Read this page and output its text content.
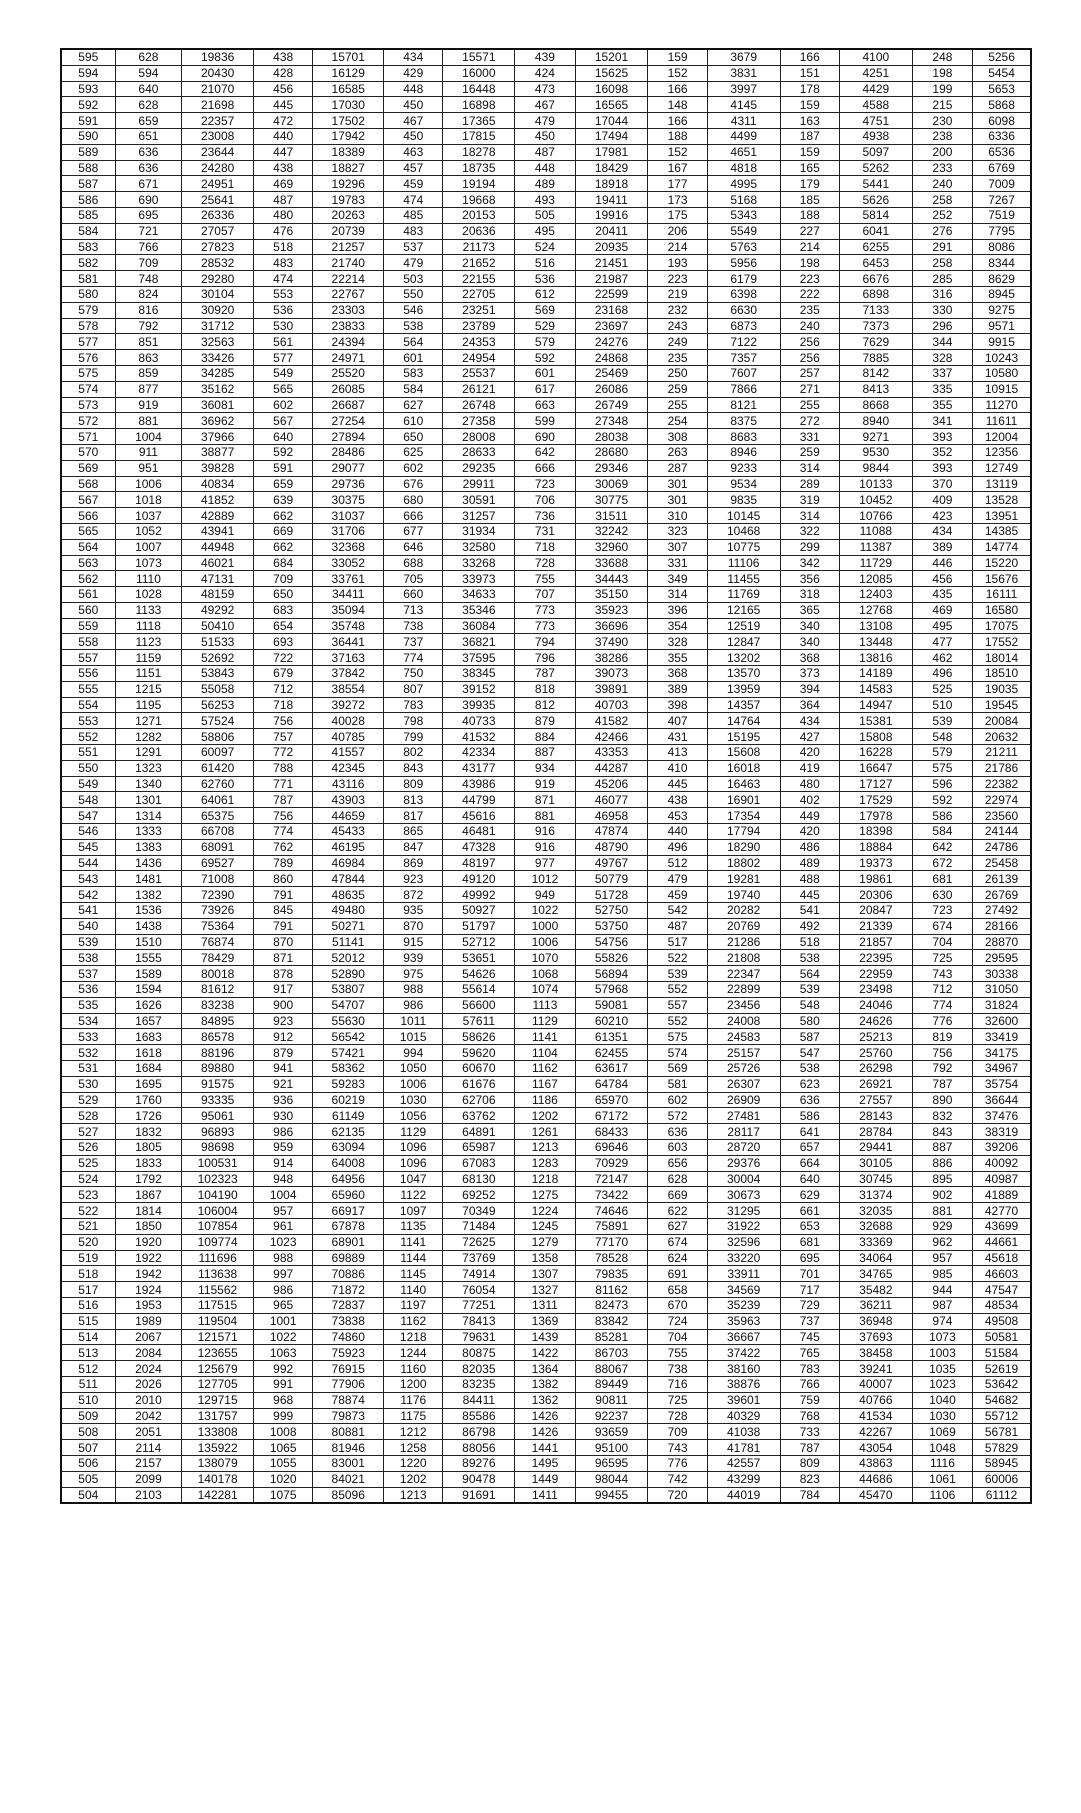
595	628	19836	438	15701	434	15571	439	15201	159	3679	166	4100	248	5256
594	594	20430	428	16129	429	16000	424	15625	152	3831	151	4251	198	5454
593	640	21070	456	16585	448	16448	473	16098	166	3997	178	4429	199	5653
592	628	21698	445	17030	450	16898	467	16565	148	4145	159	4588	215	5868
591	659	22357	472	17502	467	17365	479	17044	166	4311	163	4751	230	6098
590	651	23008	440	17942	450	17815	450	17494	188	4499	187	4938	238	6336
589	636	23644	447	18389	463	18278	487	17981	152	4651	159	5097	200	6536
588	636	24280	438	18827	457	18735	448	18429	167	4818	165	5262	233	6769
587	671	24951	469	19296	459	19194	489	18918	177	4995	179	5441	240	7009
586	690	25641	487	19783	474	19668	493	19411	173	5168	185	5626	258	7267
585	695	26336	480	20263	485	20153	505	19916	175	5343	188	5814	252	7519
584	721	27057	476	20739	483	20636	495	20411	206	5549	227	6041	276	7795
583	766	27823	518	21257	537	21173	524	20935	214	5763	214	6255	291	8086
582	709	28532	483	21740	479	21652	516	21451	193	5956	198	6453	258	8344
581	748	29280	474	22214	503	22155	536	21987	223	6179	223	6676	285	8629
580	824	30104	553	22767	550	22705	612	22599	219	6398	222	6898	316	8945
579	816	30920	536	23303	546	23251	569	23168	232	6630	235	7133	330	9275
578	792	31712	530	23833	538	23789	529	23697	243	6873	240	7373	296	9571
577	851	32563	561	24394	564	24353	579	24276	249	7122	256	7629	344	9915
576	863	33426	577	24971	601	24954	592	24868	235	7357	256	7885	328	10243
575	859	34285	549	25520	583	25537	601	25469	250	7607	257	8142	337	10580
574	877	35162	565	26085	584	26121	617	26086	259	7866	271	8413	335	10915
573	919	36081	602	26687	627	26748	663	26749	255	8121	255	8668	355	11270
572	881	36962	567	27254	610	27358	599	27348	254	8375	272	8940	341	11611
571	1004	37966	640	27894	650	28008	690	28038	308	8683	331	9271	393	12004
570	911	38877	592	28486	625	28633	642	28680	263	8946	259	9530	352	12356
569	951	39828	591	29077	602	29235	666	29346	287	9233	314	9844	393	12749
568	1006	40834	659	29736	676	29911	723	30069	301	9534	289	10133	370	13119
567	1018	41852	639	30375	680	30591	706	30775	301	9835	319	10452	409	13528
566	1037	42889	662	31037	666	31257	736	31511	310	10145	314	10766	423	13951
565	1052	43941	669	31706	677	31934	731	32242	323	10468	322	11088	434	14385
564	1007	44948	662	32368	646	32580	718	32960	307	10775	299	11387	389	14774
563	1073	46021	684	33052	688	33268	728	33688	331	11106	342	11729	446	15220
562	1110	47131	709	33761	705	33973	755	34443	349	11455	356	12085	456	15676
561	1028	48159	650	34411	660	34633	707	35150	314	11769	318	12403	435	16111
560	1133	49292	683	35094	713	35346	773	35923	396	12165	365	12768	469	16580
559	1118	50410	654	35748	738	36084	773	36696	354	12519	340	13108	495	17075
558	1123	51533	693	36441	737	36821	794	37490	328	12847	340	13448	477	17552
557	1159	52692	722	37163	774	37595	796	38286	355	13202	368	13816	462	18014
556	1151	53843	679	37842	750	38345	787	39073	368	13570	373	14189	496	18510
555	1215	55058	712	38554	807	39152	818	39891	389	13959	394	14583	525	19035
554	1195	56253	718	39272	783	39935	812	40703	398	14357	364	14947	510	19545
553	1271	57524	756	40028	798	40733	879	41582	407	14764	434	15381	539	20084
552	1282	58806	757	40785	799	41532	884	42466	431	15195	427	15808	548	20632
551	1291	60097	772	41557	802	42334	887	43353	413	15608	420	16228	579	21211
550	1323	61420	788	42345	843	43177	934	44287	410	16018	419	16647	575	21786
549	1340	62760	771	43116	809	43986	919	45206	445	16463	480	17127	596	22382
548	1301	64061	787	43903	813	44799	871	46077	438	16901	402	17529	592	22974
547	1314	65375	756	44659	817	45616	881	46958	453	17354	449	17978	586	23560
546	1333	66708	774	45433	865	46481	916	47874	440	17794	420	18398	584	24144
545	1383	68091	762	46195	847	47328	916	48790	496	18290	486	18884	642	24786
544	1436	69527	789	46984	869	48197	977	49767	512	18802	489	19373	672	25458
543	1481	71008	860	47844	923	49120	1012	50779	479	19281	488	19861	681	26139
542	1382	72390	791	48635	872	49992	949	51728	459	19740	445	20306	630	26769
541	1536	73926	845	49480	935	50927	1022	52750	542	20282	541	20847	723	27492
540	1438	75364	791	50271	870	51797	1000	53750	487	20769	492	21339	674	28166
539	1510	76874	870	51141	915	52712	1006	54756	517	21286	518	21857	704	28870
538	1555	78429	871	52012	939	53651	1070	55826	522	21808	538	22395	725	29595
537	1589	80018	878	52890	975	54626	1068	56894	539	22347	564	22959	743	30338
536	1594	81612	917	53807	988	55614	1074	57968	552	22899	539	23498	712	31050
535	1626	83238	900	54707	986	56600	1113	59081	557	23456	548	24046	774	31824
534	1657	84895	923	55630	1011	57611	1129	60210	552	24008	580	24626	776	32600
533	1683	86578	912	56542	1015	58626	1141	61351	575	24583	587	25213	819	33419
532	1618	88196	879	57421	994	59620	1104	62455	574	25157	547	25760	756	34175
531	1684	89880	941	58362	1050	60670	1162	63617	569	25726	538	26298	792	34967
530	1695	91575	921	59283	1006	61676	1167	64784	581	26307	623	26921	787	35754
529	1760	93335	936	60219	1030	62706	1186	65970	602	26909	636	27557	890	36644
528	1726	95061	930	61149	1056	63762	1202	67172	572	27481	586	28143	832	37476
527	1832	96893	986	62135	1129	64891	1261	68433	636	28117	641	28784	843	38319
526	1805	98698	959	63094	1096	65987	1213	69646	603	28720	657	29441	887	39206
525	1833	100531	914	64008	1096	67083	1283	70929	656	29376	664	30105	886	40092
524	1792	102323	948	64956	1047	68130	1218	72147	628	30004	640	30745	895	40987
523	1867	104190	1004	65960	1122	69252	1275	73422	669	30673	629	31374	902	41889
522	1814	106004	957	66917	1097	70349	1224	74646	622	31295	661	32035	881	42770
521	1850	107854	961	67878	1135	71484	1245	75891	627	31922	653	32688	929	43699
520	1920	109774	1023	68901	1141	72625	1279	77170	674	32596	681	33369	962	44661
519	1922	111696	988	69889	1144	73769	1358	78528	624	33220	695	34064	957	45618
518	1942	113638	997	70886	1145	74914	1307	79835	691	33911	701	34765	985	46603
517	1924	115562	986	71872	1140	76054	1327	81162	658	34569	717	35482	944	47547
516	1953	117515	965	72837	1197	77251	1311	82473	670	35239	729	36211	987	48534
515	1989	119504	1001	73838	1162	78413	1369	83842	724	35963	737	36948	974	49508
514	2067	121571	1022	74860	1218	79631	1439	85281	704	36667	745	37693	1073	50581
513	2084	123655	1063	75923	1244	80875	1422	86703	755	37422	765	38458	1003	51584
512	2024	125679	992	76915	1160	82035	1364	88067	738	38160	783	39241	1035	52619
511	2026	127705	991	77906	1200	83235	1382	89449	716	38876	766	40007	1023	53642
510	2010	129715	968	78874	1176	84411	1362	90811	725	39601	759	40766	1040	54682
509	2042	131757	999	79873	1175	85586	1426	92237	728	40329	768	41534	1030	55712
508	2051	133808	1008	80881	1212	86798	1426	93659	709	41038	733	42267	1069	56781
507	2114	135922	1065	81946	1258	88056	1441	95100	743	41781	787	43054	1048	57829
506	2157	138079	1055	83001	1220	89276	1495	96595	776	42557	809	43863	1116	58945
505	2099	140178	1020	84021	1202	90478	1449	98044	742	43299	823	44686	1061	60006
504	2103	142281	1075	85096	1213	91691	1411	99455	720	44019	784	45470	1106	61112
